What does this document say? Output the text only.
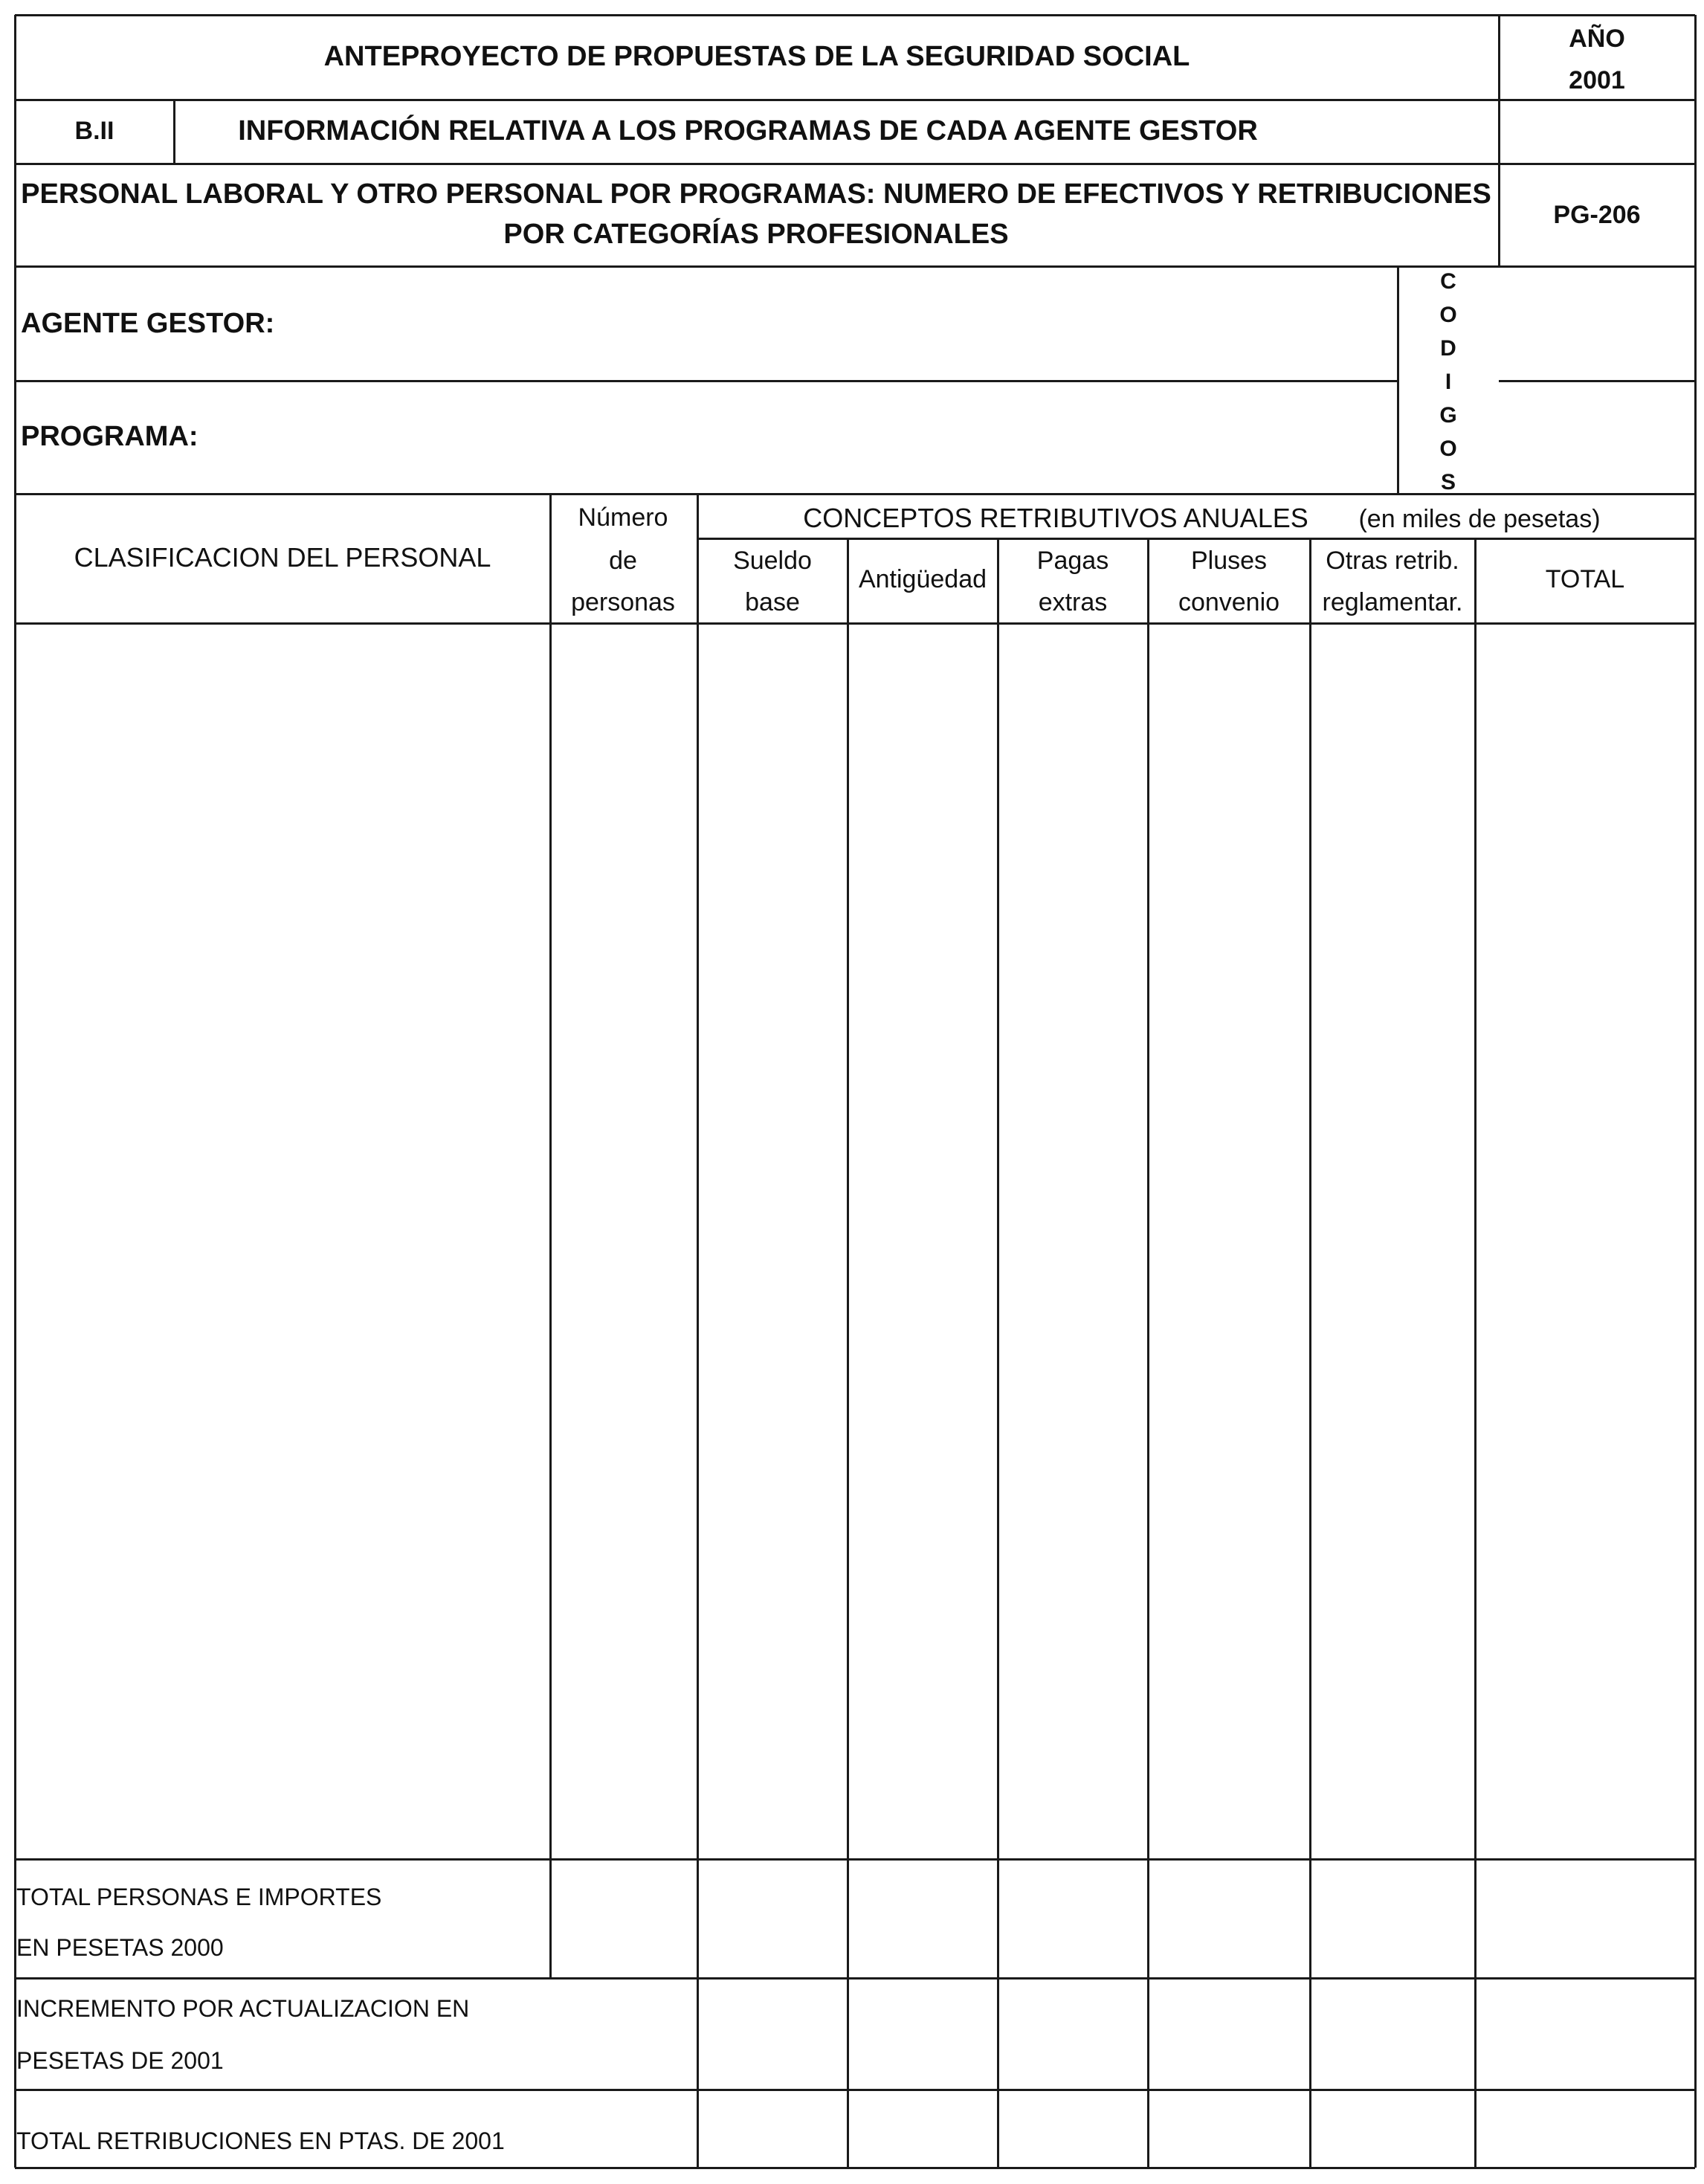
ANTEPROYECTO DE PROPUESTAS DE LA SEGURIDAD SOCIAL
AÑO
2001
B.II	INFORMACIÓN RELATIVA A LOS PROGRAMAS DE CADA AGENTE GESTOR
PERSONAL LABORAL Y OTRO PERSONAL POR PROGRAMAS: NUMERO DE EFECTIVOS Y RETRIBUCIONES
POR CATEGORÍAS PROFESIONALES
PG-206
AGENTE GESTOR:
PROGRAMA:
C
O
D
I
G
O
S
CLASIFICACION DEL PERSONAL
Número
de
personas
CONCEPTOS RETRIBUTIVOS ANUALES	(en miles de pesetas)
Sueldo
base
Antigüedad
Pagas
extras
Pluses
convenio
Otras retrib.
reglamentar.
TOTAL
TOTAL PERSONAS E IMPORTES
EN PESETAS 2000
INCREMENTO POR ACTUALIZACION EN
PESETAS DE 2001
TOTAL RETRIBUCIONES EN PTAS. DE 2001
